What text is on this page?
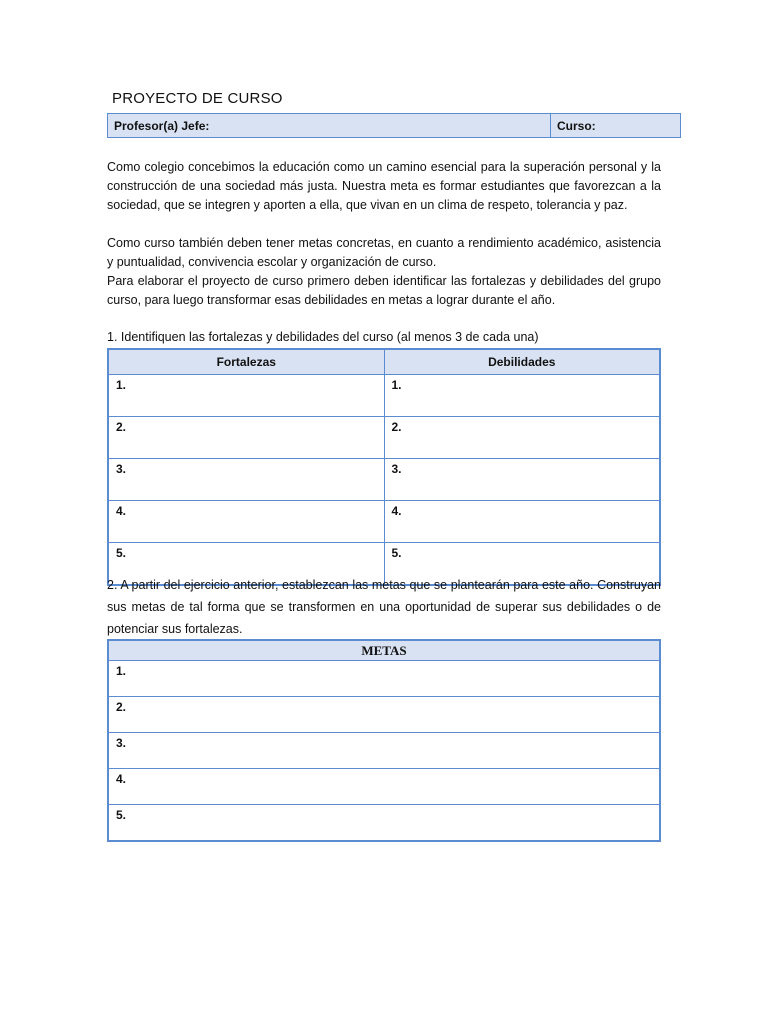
PROYECTO DE CURSO
Profesor(a) Jefe:	Curso:

Como colegio concebimos la educación como un camino esencial para la superación personal y la construcción de una sociedad más justa. Nuestra meta es formar estudiantes que favorezcan a la sociedad, que se integren y aporten a ella, que vivan en un clima de respeto, tolerancia y paz.

Como curso también deben tener metas concretas, en cuanto a rendimiento académico, asistencia y puntualidad, convivencia escolar y organización de curso.

Para elaborar el proyecto de curso primero deben identificar las fortalezas y debilidades del grupo curso, para luego transformar esas debilidades en metas a lograr durante el año.

1. Identifiquen las fortalezas y debilidades del curso (al menos 3 de cada una)

Fortalezas	Debilidades
1.	1.
2.	2.
3.	3.
4.	4.
5.	5.

2. A partir del ejercicio anterior, establezcan las metas que se plantearán para este año. Construyan sus metas de tal forma que se transformen en una oportunidad de superar sus debilidades o de potenciar sus fortalezas.

METAS
1.
2.
3.
4.
5.
